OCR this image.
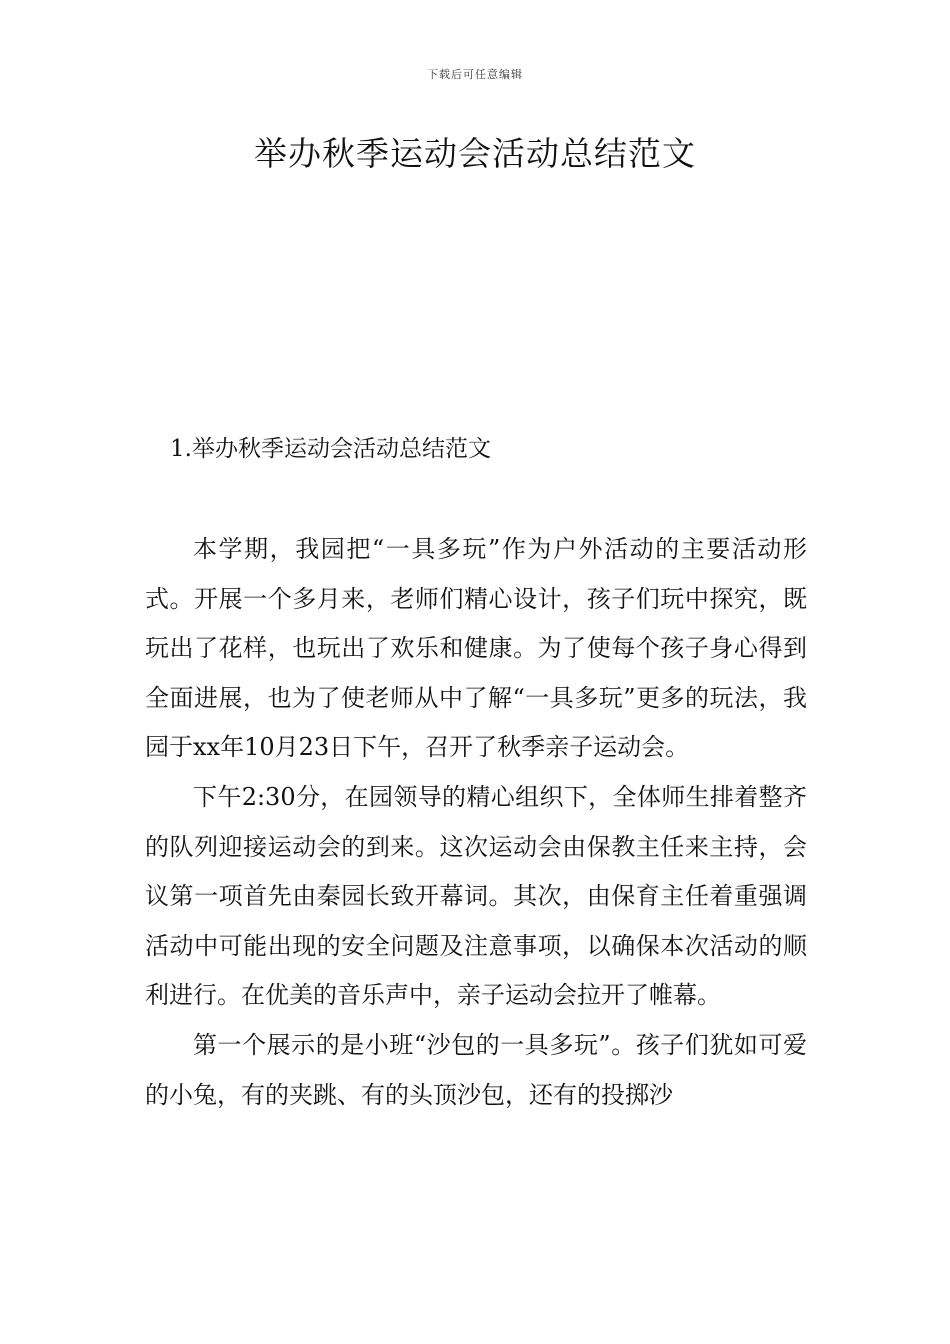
下载后可任意编辑
举办秋季运动会活动总结范文
1.举办秋季运动会活动总结范文

本学期，我园把“一具多玩”作为户外活动的主要活动形式。开展一个多月来，老师们精心设计，孩子们玩中探究，既玩出了花样，也玩出了欢乐和健康。为了使每个孩子身心得到全面进展，也为了使老师从中了解“一具多玩”更多的玩法，我园于xx年10月23日下午，召开了秋季亲子运动会。

下午2:30分，在园领导的精心组织下，全体师生排着整齐的队列迎接运动会的到来。这次运动会由保教主任来主持，会议第一项首先由秦园长致开幕词。其次，由保育主任着重强调活动中可能出现的安全问题及注意事项，以确保本次活动的顺利进行。在优美的音乐声中，亲子运动会拉开了帷幕。

第一个展示的是小班“沙包的一具多玩”。孩子们犹如可爱的小兔，有的夹跳、有的头顶沙包，还有的投掷沙
